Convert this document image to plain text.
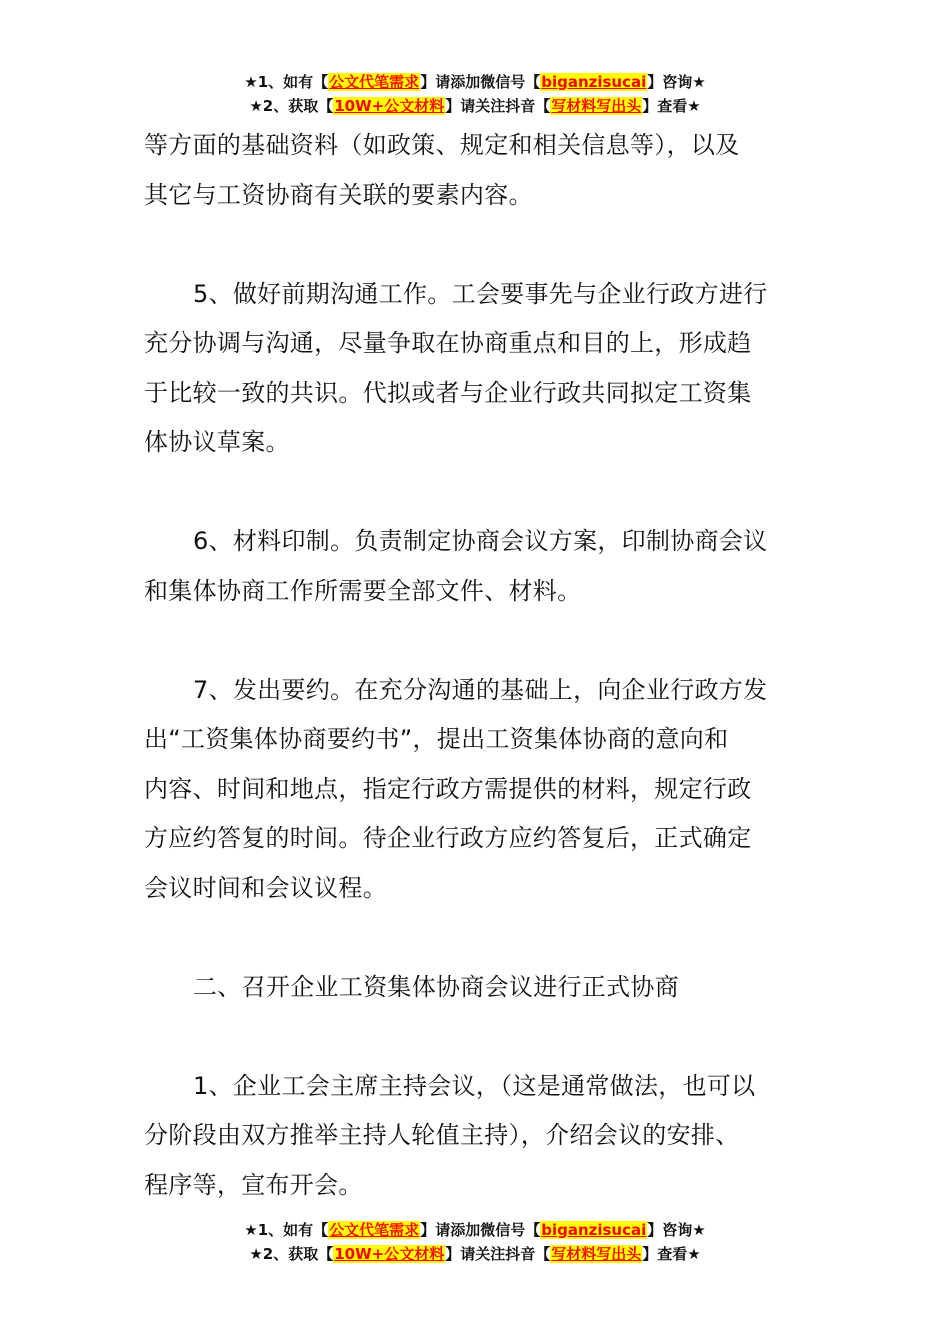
★1、如有【公文代笔需求】请添加微信号【biganzisucai】咨询★
★2、获取【10W+公文材料】请关注抖音【写材料写出头】查看★

等方面的基础资料（如政策、规定和相关信息等），以及
其它与工资协商有关联的要素内容。

5、做好前期沟通工作。工会要事先与企业行政方进行
充分协调与沟通，尽量争取在协商重点和目的上，形成趋
于比较一致的共识。代拟或者与企业行政共同拟定工资集
体协议草案。

6、材料印制。负责制定协商会议方案，印制协商会议
和集体协商工作所需要全部文件、材料。

7、发出要约。在充分沟通的基础上，向企业行政方发
出“工资集体协商要约书”，提出工资集体协商的意向和
内容、时间和地点，指定行政方需提供的材料，规定行政
方应约答复的时间。待企业行政方应约答复后，正式确定
会议时间和会议议程。

二、召开企业工资集体协商会议进行正式协商

1、企业工会主席主持会议，（这是通常做法，也可以
分阶段由双方推举主持人轮值主持），介绍会议的安排、
程序等，宣布开会。

★1、如有【公文代笔需求】请添加微信号【biganzisucai】咨询★
★2、获取【10W+公文材料】请关注抖音【写材料写出头】查看★
